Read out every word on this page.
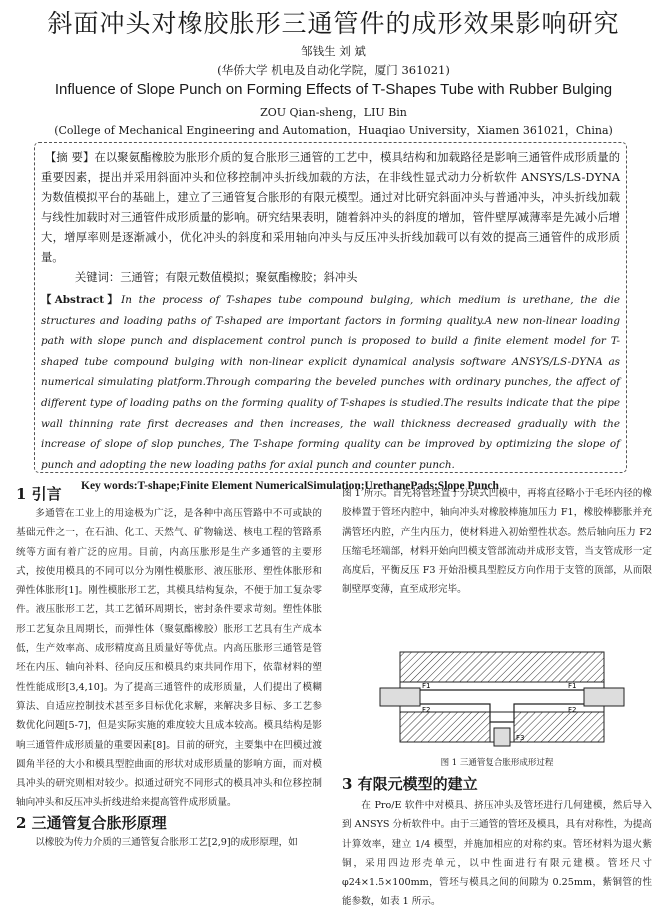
斜面冲头对橡胶胀形三通管件的成形效果影响研究
邹钱生 刘 斌
(华侨大学 机电及自动化学院，厦门 361021)
Influence of Slope Punch on Forming Effects of T-Shapes Tube with Rubber Bulging
ZOU Qian-sheng，LIU Bin
(College of Mechanical Engineering and Automation，Huaqiao University，Xiamen 361021，China)

【摘 要】在以聚氨酯橡胶为胀形介质的复合胀形三通管的工艺中，模具结构和加载路径是影响三通管件成形质量的重要因素，提出并采用斜面冲头和位移控制冲头折线加载的方法，在非线性显式动力分析软件 ANSYS/LS-DYNA 为数值模拟平台的基础上，建立了三通管复合胀形的有限元模型。通过对比研究斜面冲头与普通冲头，冲头折线加载与线性加载时对三通管件成形质量的影响。研究结果表明，随着斜冲头的斜度的增加，管件壁厚减薄率是先减小后增大，增厚率则是逐渐减小，优化冲头的斜度和采用轴向冲头与反压冲头折线加载可以有效的提高三通管件的成形质量。

关键词：三通管；有限元数值模拟；聚氨酯橡胶；斜冲头

【Abstract】In the process of T-shapes tube compound bulging, which medium is urethane, the die structures and loading paths of T-shaped are important factors in forming quality.A new non-linear loading path with slope punch and displacement control punch is proposed to build a finite element model for T-shaped tube compound bulging with non-linear explicit dynamical analysis software ANSYS/LS-DYNA as numerical simulating platform.Through comparing the beveled punches with ordinary punches, the affect of different type of loading paths on the forming quality of T-shapes is studied.The results indicate that the pipe wall thinning rate first decreases and then increases, the wall thickness decreased gradually with the increase of slope of slop punches, The T-shape forming quality can be improved by optimizing the slope of punch and adopting the new loading paths for axial punch and counter punch.

Key words:T-shape;Finite Element NumericalSimulation;UrethanePads;Slope Punch

1 引言

多通管在工业上的用途极为广泛，是各种中高压管路中不可或缺的基础元件之一，在石油、化工、天然气、矿物输送、核电工程的管路系统等方面有着广泛的应用。目前，内高压胀形是生产多通管的主要形式，按使用模具的不同可以分为刚性模胀形、液压胀形、塑性体胀形和弹性体胀形[1]。刚性模胀形工艺，其模具结构复杂，不便于加工复杂零件。液压胀形工艺，其工艺循环周期长，密封条件要求苛刻。塑性体胀形工艺复杂且周期长，而弹性体（聚氨酯橡胶）胀形工艺具有生产成本低，生产效率高、成形精度高且质量好等优点。内高压胀形三通管是管坯在内压、轴向补料、径向反压和模具约束共同作用下，依靠材料的塑性性能成形[3,4,10]。为了提高三通管件的成形质量，人们提出了模糊算法、自适应控制技术甚至多目标优化求解，来解决多目标、多工艺参数优化问题[5-7]，但是实际实施的难度较大且成本较高。模具结构是影响三通管件成形质量的重要因素[8]。目前的研究，主要集中在凹模过渡圆角半径的大小和模具型腔曲面的形状对成形质量的影响方面，而对模具冲头的研究则相对较少。拟通过研究不同形式的模具冲头和位移控制轴向冲头和反压冲头折线进给来提高管件成形质量。

2 三通管复合胀形原理

以橡胶为传力介质的三通管复合胀形工艺[2,9]的成形原理，如

图 1 所示。首先将管坯置于分块式凹模中，再将直径略小于毛坯内径的橡胶棒置于管坯内腔中，轴向冲头对橡胶棒施加压力 F1，橡胶棒膨胀并充满管坯内腔，产生内压力，使材料进入初始塑性状态。然后轴向压力 F2 压缩毛坯端部，材料开始向凹模支管部流动并成形支管，当支管成形一定高度后，平衡反压 F3 开始沿模具型腔反方向作用于支管的顶部，从而限制壁厚变薄，直至成形完毕。

F1	F1
F2	F2
F3
图 1 三通管复合胀形成形过程
3 有限元模型的建立

在 Pro/E 软件中对模具、挤压冲头及管坯进行几何建模，然后导入到 ANSYS 分析软件中。由于三通管的管坯及模具，具有对称性，为提高计算效率，建立 1/4 模型，并施加相应的对称约束。管坯材料为退火紫铜，采用四边形壳单元，以中性面进行有限元建模。管坯尺寸 φ24×1.5×100mm，管坯与模具之间的间隙为 0.25mm，紫铜管的性能参数，如表 1 所示。
